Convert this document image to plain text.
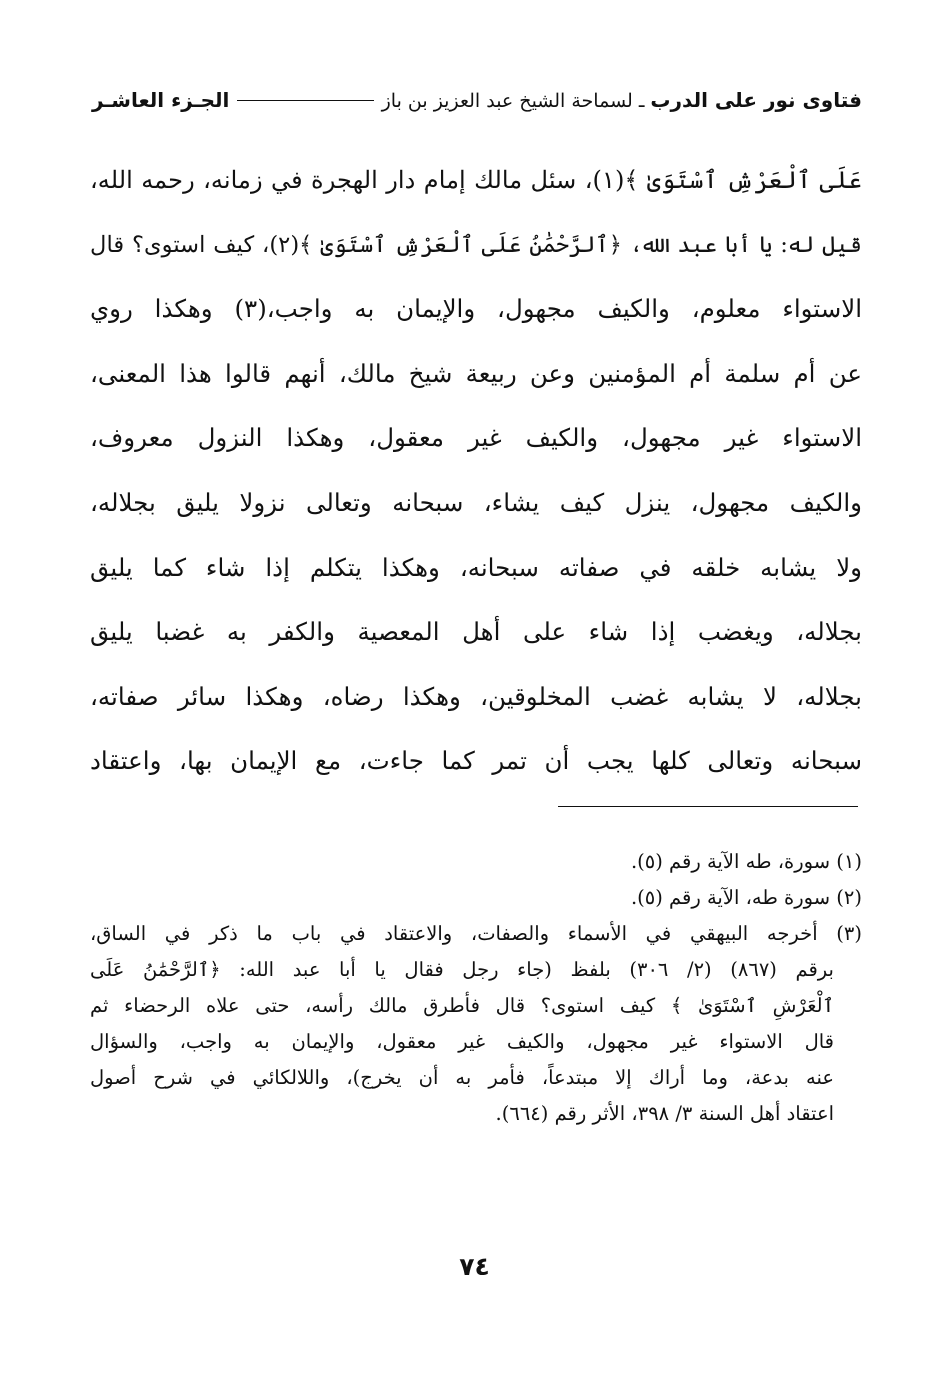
فتاوى نور على الدرب
ـ لسماحة الشيخ عبد العزيز بن باز
الجـزء العاشـر
عَلَى ٱلْعَرْشِ ٱسْتَوَىٰ ﴾(١)، سئل مالك إمام دار الهجرة في زمانه، رحمه الله،
قيل له: يا أبا عبد الله، ﴿ٱلرَّحْمَٰنُ عَلَى ٱلْعَرْشِ ٱسْتَوَىٰ ﴾(٢)، كيف استوى؟ قال
الاستواء معلوم، والكيف مجهول، والإيمان به واجب،(٣) وهكذا روي
عن أم سلمة أم المؤمنين وعن ربيعة شيخ مالك، أنهم قالوا هذا المعنى،
الاستواء غير مجهول، والكيف غير معقول، وهكذا النزول معروف،
والكيف مجهول، ينزل كيف يشاء، سبحانه وتعالى نزولا يليق بجلاله،
ولا يشابه خلقه في صفاته سبحانه، وهكذا يتكلم إذا شاء كما يليق
بجلاله، ويغضب إذا شاء على أهل المعصية والكفر به غضبا يليق
بجلاله، لا يشابه غضب المخلوقين، وهكذا رضاه، وهكذا سائر صفاته،
سبحانه وتعالى كلها يجب أن تمر كما جاءت، مع الإيمان بها، واعتقاد
(١) سورة، طه الآية رقم (٥).
(٢) سورة طه، الآية رقم (٥).
(٣) أخرجه البيهقي في الأسماء والصفات، والاعتقاد في باب ما ذكر في الساق،
برقم (٨٦٧) (٢/ ٣٠٦) بلفظ (جاء رجل فقال يا أبا عبد الله: ﴿ٱلرَّحْمَٰنُ عَلَى
ٱلْعَرْشِ ٱسْتَوَىٰ ﴾ كيف استوى؟ قال فأطرق مالك رأسه، حتى علاه الرحضاء ثم
قال الاستواء غير مجهول، والكيف غير معقول، والإيمان به واجب، والسؤال
عنه بدعة، وما أراك إلا مبتدعاً، فأمر به أن يخرج)، واللالكائي في شرح أصول
اعتقاد أهل السنة ٣/ ٣٩٨، الأثر رقم (٦٦٤).
٧٤
